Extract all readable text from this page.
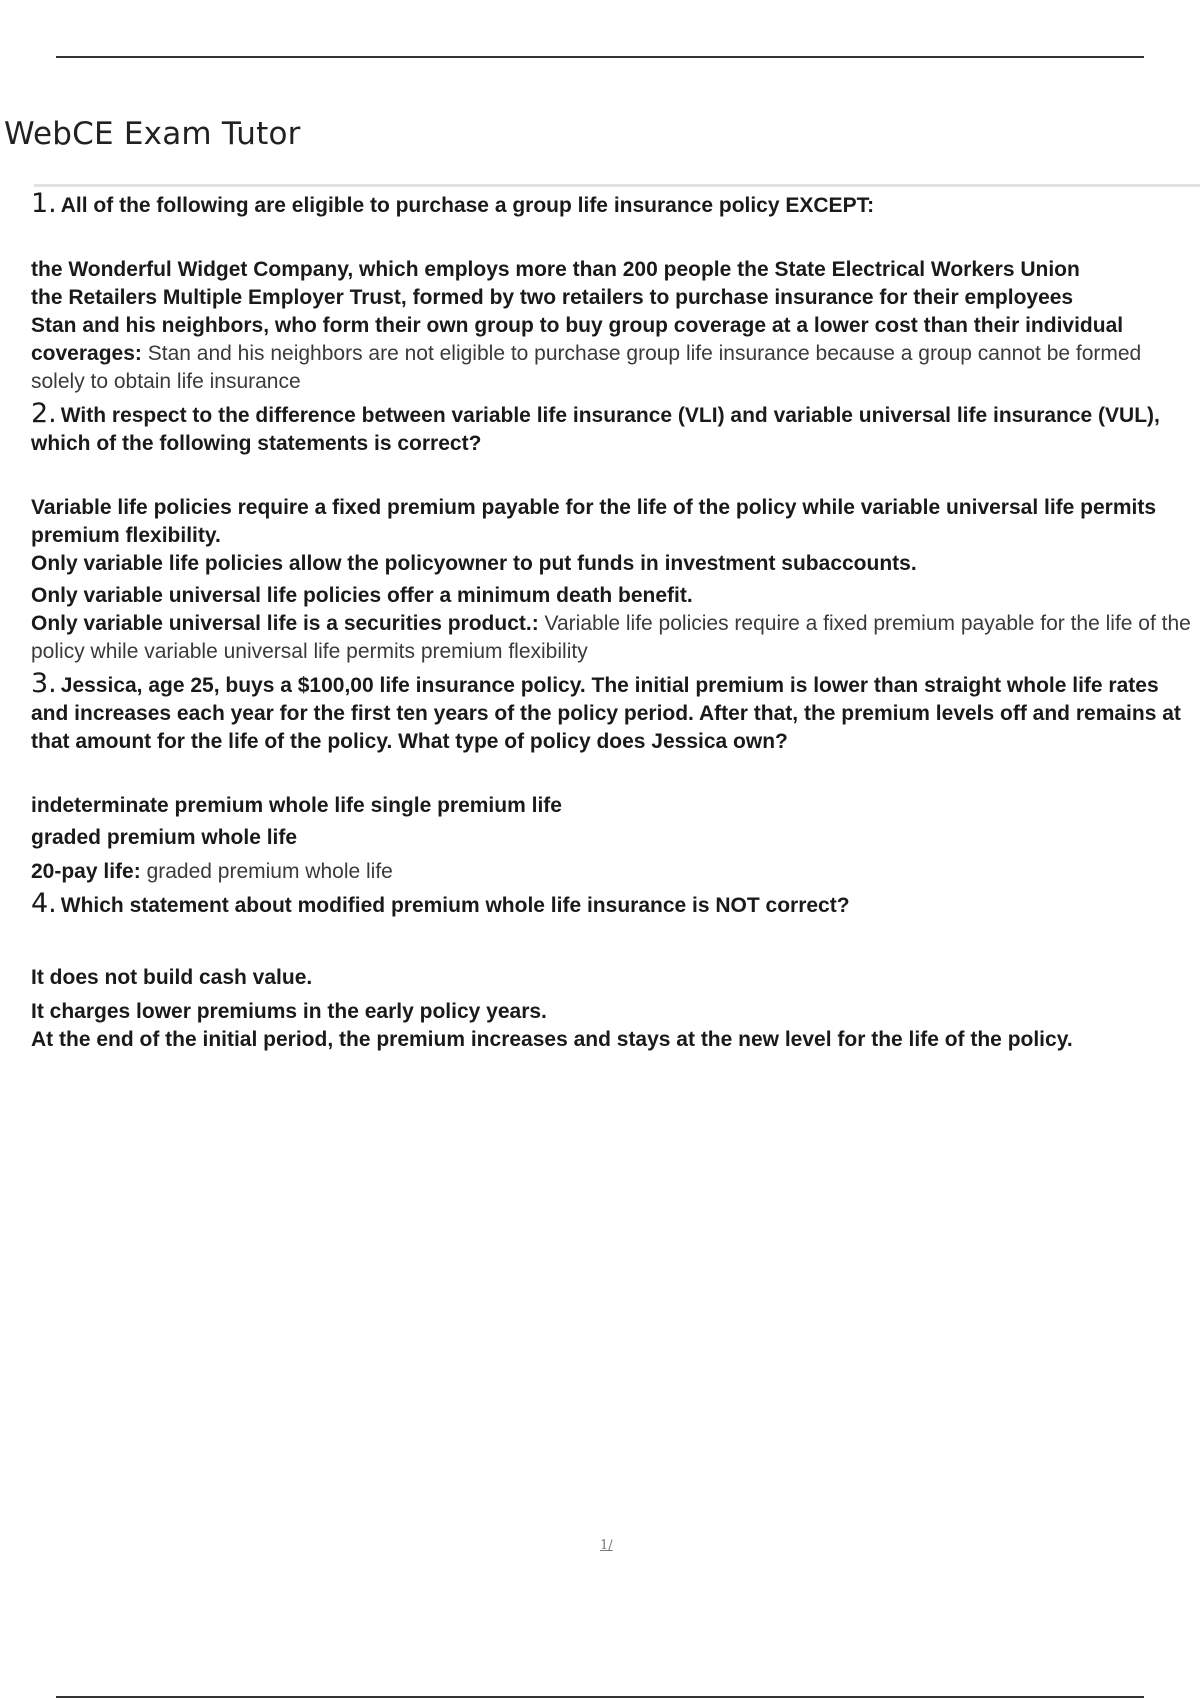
WebCE Exam Tutor

1. All of the following are eligible to purchase a group life insurance policy EXCEPT:

the Wonderful Widget Company, which employs more than 200 people the State Electrical Workers Union

the Retailers Multiple Employer Trust, formed by two retailers to purchase insurance for their employees

Stan and his neighbors, who form their own group to buy group coverage at a lower cost than their individual coverages: Stan and his neighbors are not eligible to purchase group life insurance because a group cannot be formed solely to obtain life insurance

2. With respect to the difference between variable life insurance (VLI) and variable universal life insurance (VUL), which of the following statements is correct?

Variable life policies require a fixed premium payable for the life of the policy while variable universal life permits premium flexibility.

Only variable life policies allow the policyowner to put funds in investment subaccounts.

Only variable universal life policies offer a minimum death benefit.

Only variable universal life is a securities product.: Variable life policies require a fixed premium payable for the life of the policy while variable universal life permits premium flexibility

3. Jessica, age 25, buys a $100,00 life insurance policy. The initial premium is lower than straight whole life rates and increases each year for the first ten years of the policy period. After that, the premium levels off and remains at that amount for the life of the policy. What type of policy does Jessica own?

indeterminate premium whole life single premium life

graded premium whole life

20-pay life: graded premium whole life

4. Which statement about modified premium whole life insurance is NOT correct?

It does not build cash value.

It charges lower premiums in the early policy years.

At the end of the initial period, the premium increases and stays at the new level for the life of the policy.

1/
